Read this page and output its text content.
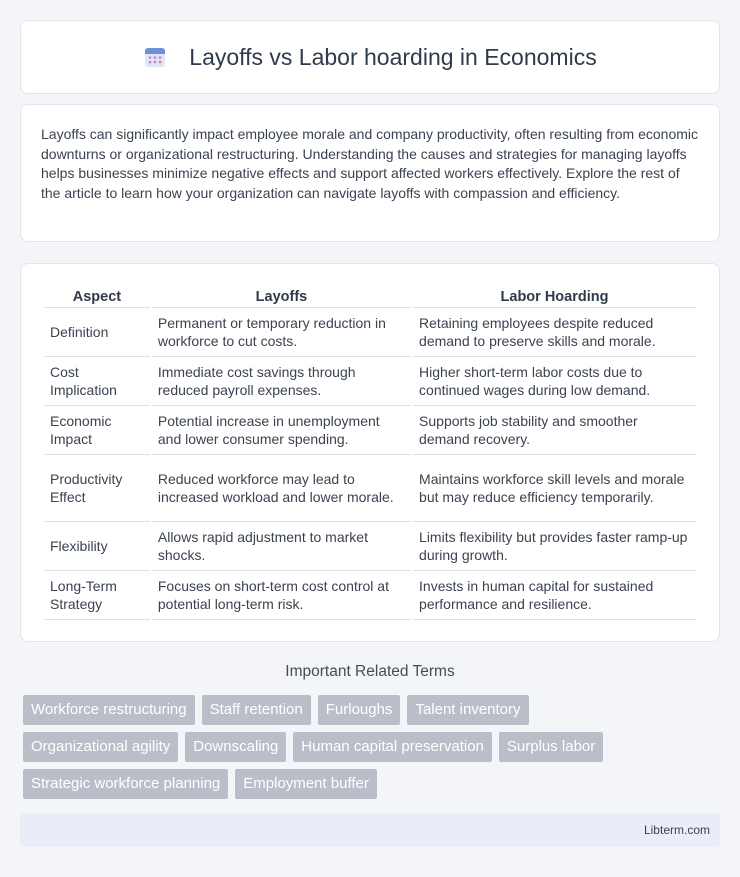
Layoffs vs Labor hoarding in Economics

Layoffs can significantly impact employee morale and company productivity, often resulting from economic downturns or organizational restructuring. Understanding the causes and strategies for managing layoffs helps businesses minimize negative effects and support affected workers effectively. Explore the rest of the article to learn how your organization can navigate layoffs with compassion and efficiency.

Aspect	Layoffs	Labor Hoarding
Definition	Permanent or temporary reduction in workforce to cut costs.	Retaining employees despite reduced demand to preserve skills and morale.
Cost Implication	Immediate cost savings through reduced payroll expenses.	Higher short-term labor costs due to continued wages during low demand.
Economic Impact	Potential increase in unemployment and lower consumer spending.	Supports job stability and smoother demand recovery.
Productivity Effect	Reduced workforce may lead to increased workload and lower morale.	Maintains workforce skill levels and morale but may reduce efficiency temporarily.
Flexibility	Allows rapid adjustment to market shocks.	Limits flexibility but provides faster ramp-up during growth.
Long-Term Strategy	Focuses on short-term cost control at potential long-term risk.	Invests in human capital for sustained performance and resilience.
Important Related Terms
Workforce restructuring	Staff retention	Furloughs	Talent inventory
Organizational agility	Downscaling	Human capital preservation	Surplus labor
Strategic workforce planning	Employment buffer
Libterm.com
